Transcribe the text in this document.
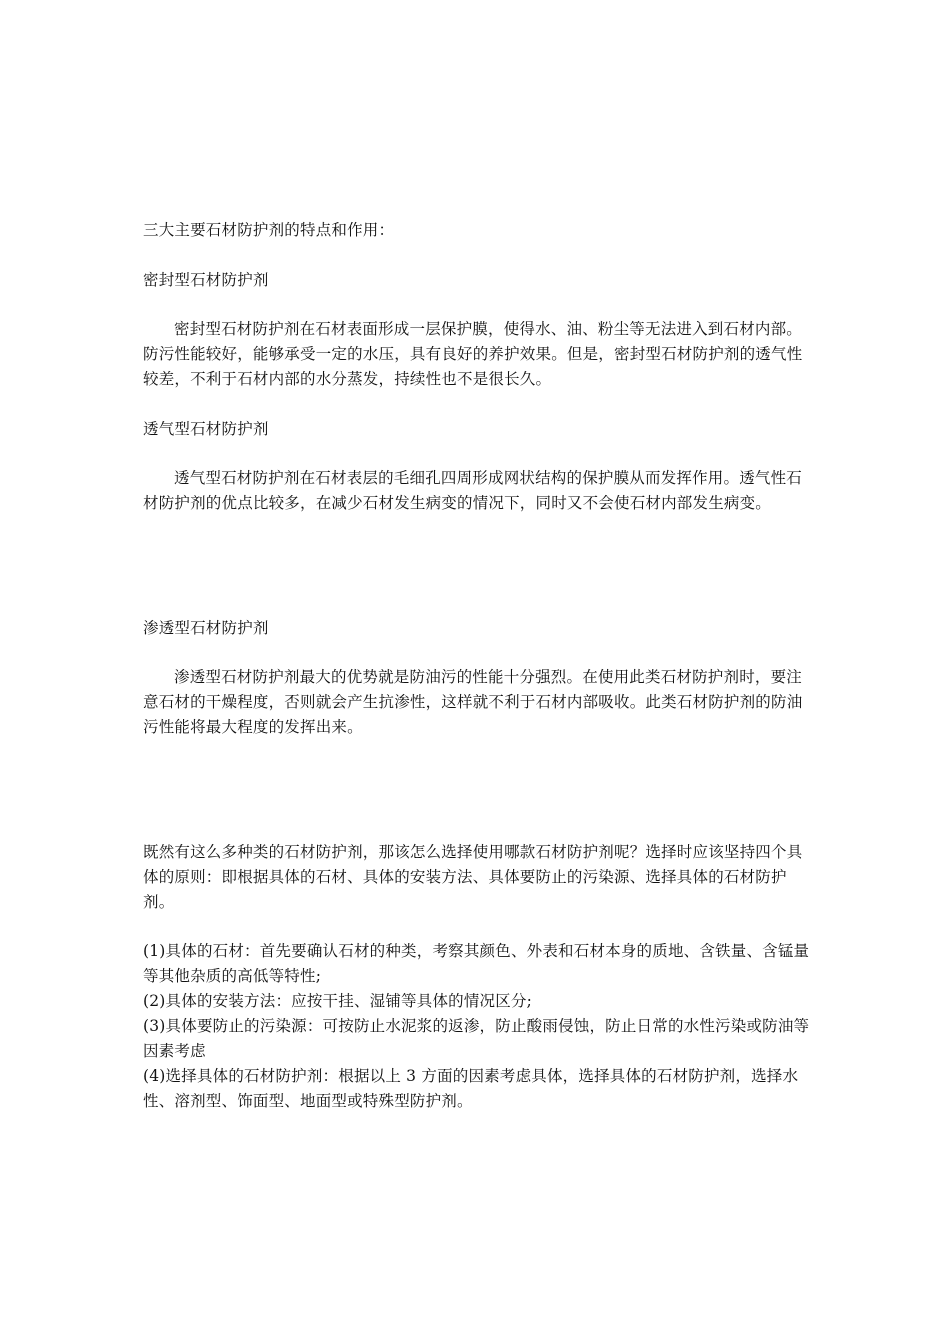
三大主要石材防护剂的特点和作用：

密封型石材防护剂

密封型石材防护剂在石材表面形成一层保护膜，使得水、油、粉尘等无法进入到石材内部。防污性能较好，能够承受一定的水压，具有良好的养护效果。但是，密封型石材防护剂的透气性较差，不利于石材内部的水分蒸发，持续性也不是很长久。

透气型石材防护剂

透气型石材防护剂在石材表层的毛细孔四周形成网状结构的保护膜从而发挥作用。透气性石材防护剂的优点比较多，在减少石材发生病变的情况下，同时又不会使石材内部发生病变。

渗透型石材防护剂

渗透型石材防护剂最大的优势就是防油污的性能十分强烈。在使用此类石材防护剂时，要注意石材的干燥程度，否则就会产生抗渗性，这样就不利于石材内部吸收。此类石材防护剂的防油污性能将最大程度的发挥出来。

既然有这么多种类的石材防护剂，那该怎么选择使用哪款石材防护剂呢？选择时应该坚持四个具体的原则：即根据具体的石材、具体的安装方法、具体要防止的污染源、选择具体的石材防护剂。

(1)具体的石材：首先要确认石材的种类，考察其颜色、外表和石材本身的质地、含铁量、含锰量等其他杂质的高低等特性;
(2)具体的安装方法：应按干挂、湿铺等具体的情况区分;
(3)具体要防止的污染源：可按防止水泥浆的返渗，防止酸雨侵蚀，防止日常的水性污染或防油等因素考虑
(4)选择具体的石材防护剂：根据以上 3 方面的因素考虑具体，选择具体的石材防护剂，选择水性、溶剂型、饰面型、地面型或特殊型防护剂。
